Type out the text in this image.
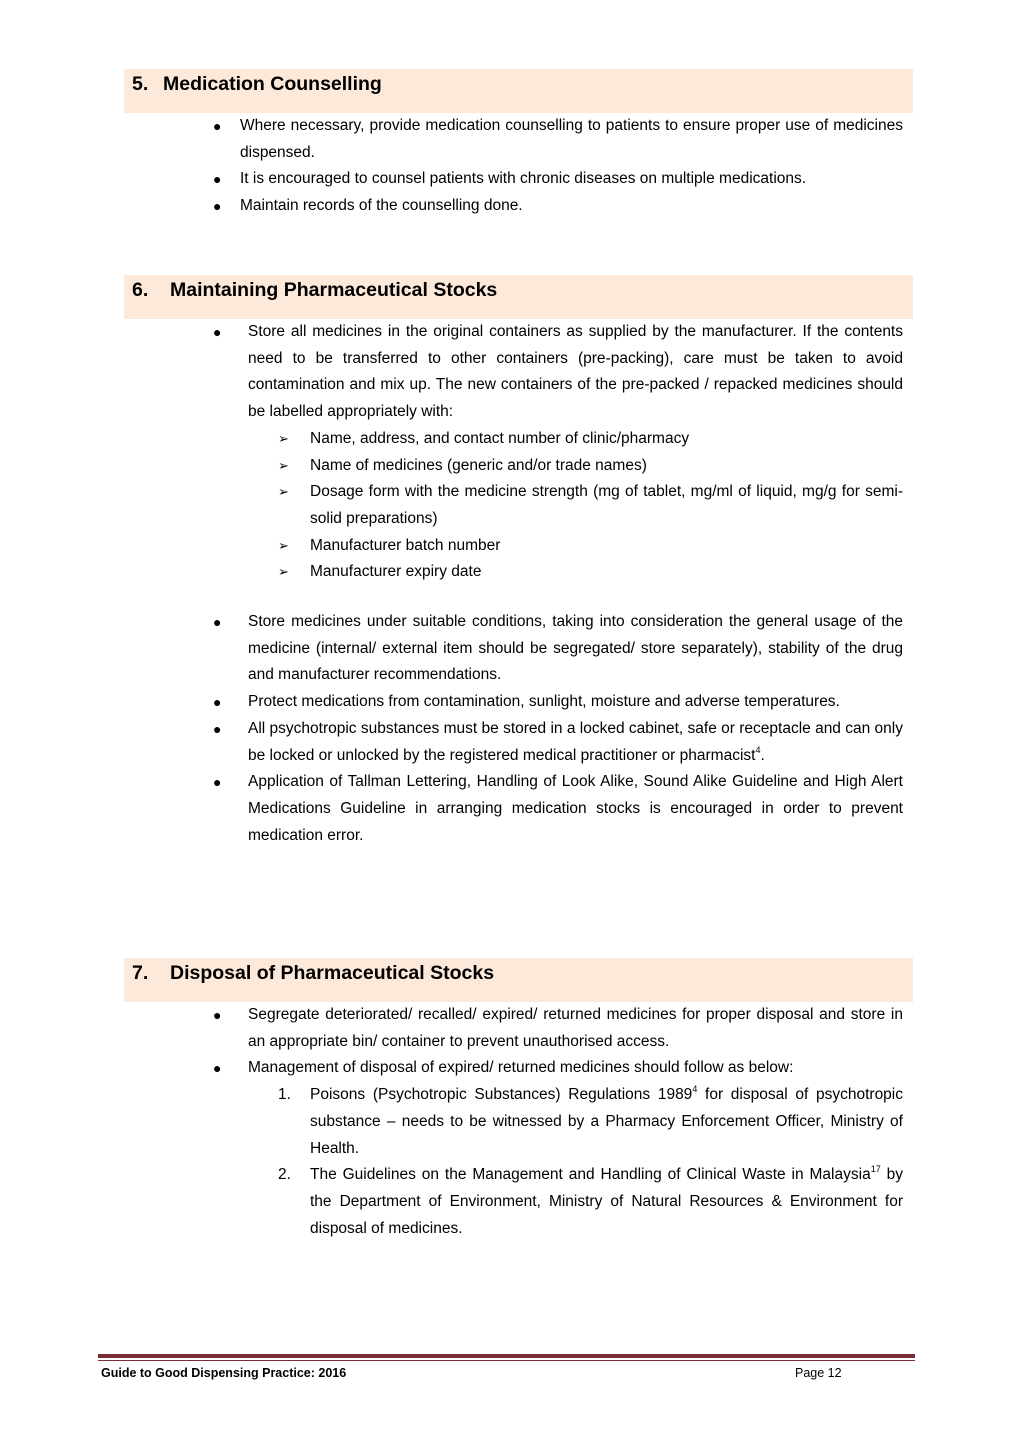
5. Medication Counselling
● Where necessary, provide medication counselling to patients to ensure proper use of medicines dispensed.
● It is encouraged to counsel patients with chronic diseases on multiple medications.
● Maintain records of the counselling done.
6. Maintaining Pharmaceutical Stocks
● Store all medicines in the original containers as supplied by the manufacturer. If the contents need to be transferred to other containers (pre-packing), care must be taken to avoid contamination and mix up. The new containers of the pre-packed / repacked medicines should be labelled appropriately with:
➢ Name, address, and contact number of clinic/pharmacy
➢ Name of medicines (generic and/or trade names)
➢ Dosage form with the medicine strength (mg of tablet, mg/ml of liquid, mg/g for semi-solid preparations)
➢ Manufacturer batch number
➢ Manufacturer expiry date
● Store medicines under suitable conditions, taking into consideration the general usage of the medicine (internal/ external item should be segregated/ store separately), stability of the drug and manufacturer recommendations.
● Protect medications from contamination, sunlight, moisture and adverse temperatures.
● All psychotropic substances must be stored in a locked cabinet, safe or receptacle and can only be locked or unlocked by the registered medical practitioner or pharmacist$^4$.
● Application of Tallman Lettering, Handling of Look Alike, Sound Alike Guideline and High Alert Medications Guideline in arranging medication stocks is encouraged in order to prevent medication error.
7. Disposal of Pharmaceutical Stocks
● Segregate deteriorated/ recalled/ expired/ returned medicines for proper disposal and store in an appropriate bin/ container to prevent unauthorised access.
● Management of disposal of expired/ returned medicines should follow as below:
1. Poisons (Psychotropic Substances) Regulations 1989$^4$ for disposal of psychotropic substance – needs to be witnessed by a Pharmacy Enforcement Officer, Ministry of Health.
2. The Guidelines on the Management and Handling of Clinical Waste in Malaysia$^{17}$ by the Department of Environment, Ministry of Natural Resources & Environment for disposal of medicines.
Guide to Good Dispensing Practice: 2016	Page 12
